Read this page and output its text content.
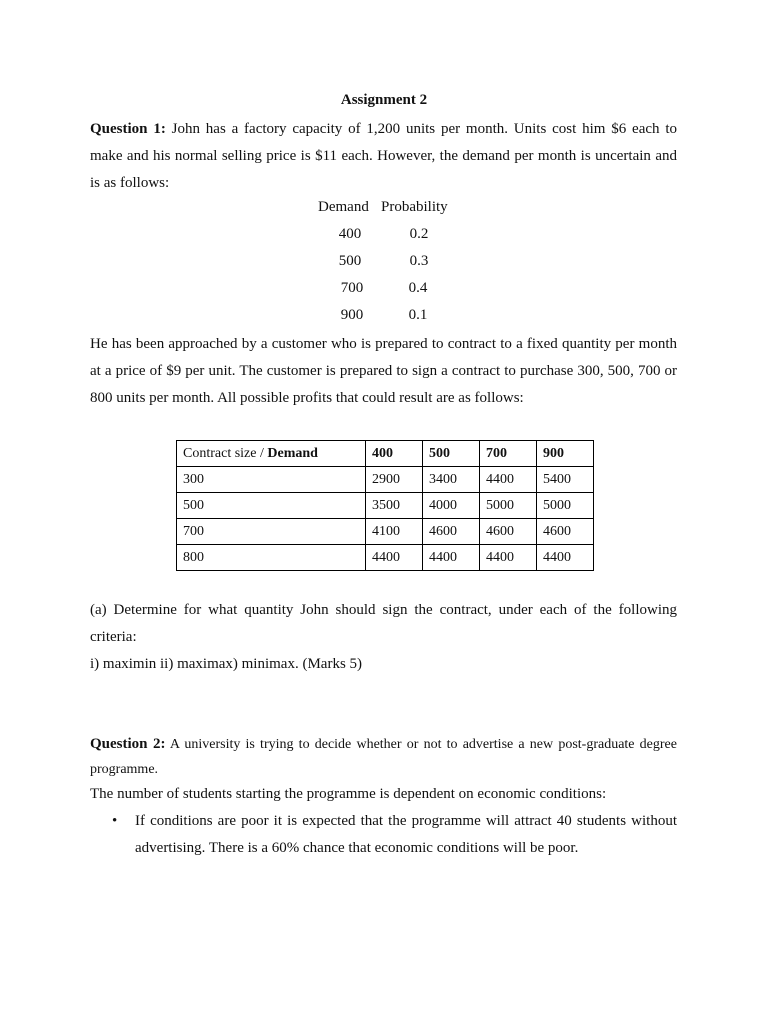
Assignment 2

Question 1: John has a factory capacity of 1,200 units per month. Units cost him $6 each to make and his normal selling price is $11 each. However, the demand per month is uncertain and is as follows:

Demand Probability
400	0.2
500	0.3
700	0.4
900	0.1

He has been approached by a customer who is prepared to contract to a fixed quantity per month at a price of $9 per unit. The customer is prepared to sign a contract to purchase 300, 500, 700 or 800 units per month. All possible profits that could result are as follows:

Contract size / Demand	400	500	700	900
300	2900	3400	4400	5400
500	3500	4000	5000	5000
700	4100	4600	4600	4600
800	4400	4400	4400	4400

(a) Determine for what quantity John should sign the contract, under each of the following criteria:

i) maximin ii) maximax) minimax. (Marks 5)

Question 2: A university is trying to decide whether or not to advertise a new post-graduate degree programme.

The number of students starting the programme is dependent on economic conditions:

• If conditions are poor it is expected that the programme will attract 40 students without advertising. There is a 60% chance that economic conditions will be poor.
